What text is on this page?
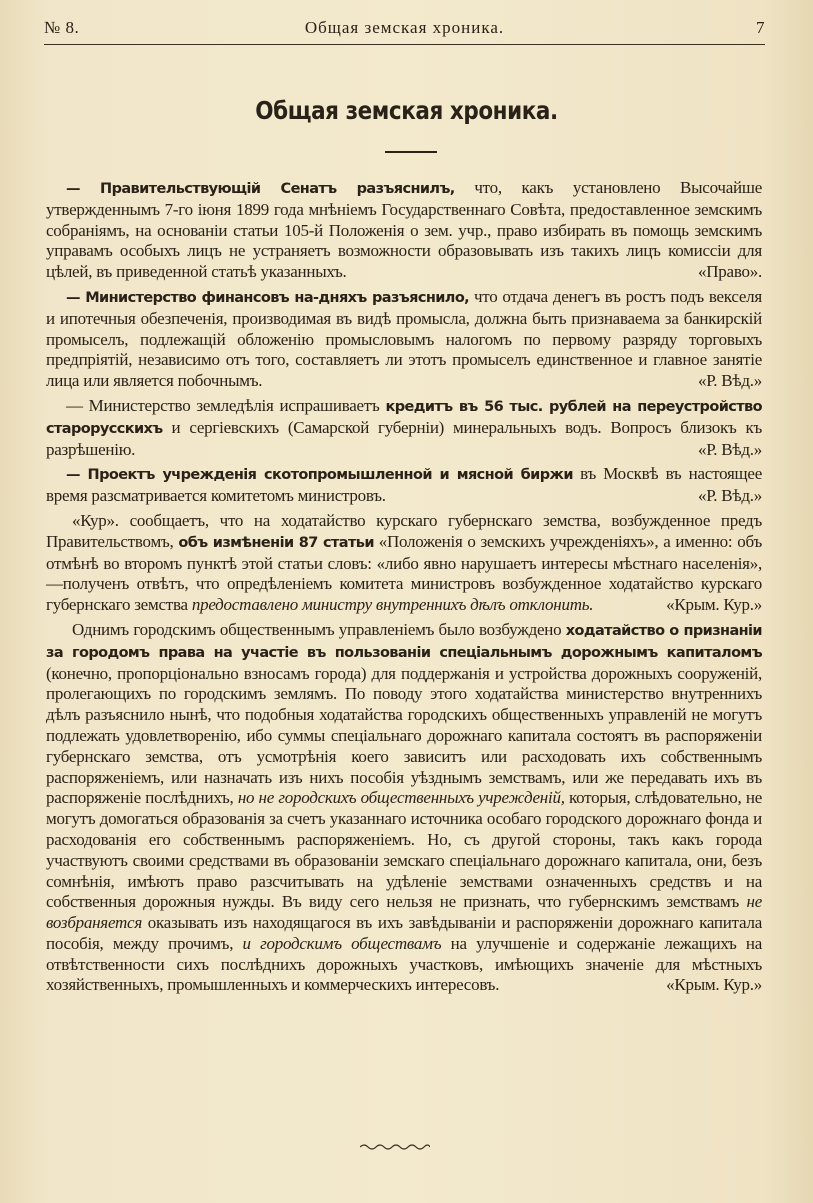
№ 8.	Общая земская хроника.	7
Общая земская хроника.

— Правительствующій Сенатъ разъяснилъ, что, какъ установлено Высочайше утвержденнымъ 7-го іюня 1899 года мнѣніемъ Государственнаго Совѣта, предоставленное земскимъ собраніямъ, на основаніи статьи 105-й Положенія о зем. учр., право избирать въ помощь земскимъ управамъ особыхъ лицъ не устраняетъ возможности образовывать изъ такихъ лицъ комиссіи для цѣлей, въ приведенной статьѣ указанныхъ.	«Право».

— Министерство финансовъ на-дняхъ разъяснило, что отдача денегъ въ ростъ подъ векселя и ипотечныя обезпеченія, производимая въ видѣ промысла, должна быть признаваема за банкирскій промыселъ, подлежащій обложенію промысловымъ налогомъ по первому разряду торговыхъ предпріятій, независимо отъ того, составляетъ ли этотъ промыселъ единственное и главное занятіе лица или является побочнымъ.	«Р. Вѣд.»

— Министерство земледѣлія испрашиваетъ кредитъ въ 56 тыс. рублей на переустройство старорусскихъ и сергіевскихъ (Самарской губерніи) минеральныхъ водъ. Вопросъ близокъ къ разрѣшенію.	«Р. Вѣд.»

— Проектъ учрежденія скотопромышленной и мясной биржи въ Москвѣ въ настоящее время разсматривается комитетомъ министровъ.	«Р. Вѣд.»

«Кур». сообщаетъ, что на ходатайство курскаго губернскаго земства, возбужденное предъ Правительствомъ, объ измѣненіи 87 статьи «Положенія о земскихъ учрежденіяхъ», а именно: объ отмѣнѣ во второмъ пунктѣ этой статьи словъ: «либо явно нарушаетъ интересы мѣстнаго населенія»,—полученъ отвѣтъ, что опредѣленіемъ комитета министровъ возбужденное ходатайство курскаго губернскаго земства предоставлено министру внутреннихъ дѣлъ отклонить.	«Крым. Кур.»

Однимъ городскимъ общественнымъ управленіемъ было возбуждено ходатайство о признаніи за городомъ права на участіе въ пользованіи спеціальнымъ дорожнымъ капиталомъ (конечно, пропорціонально взносамъ города) для поддержанія и устройства дорожныхъ сооруженій, пролегающихъ по городскимъ землямъ. По поводу этого ходатайства министерство внутреннихъ дѣлъ разъяснило нынѣ, что подобныя ходатайства городскихъ общественныхъ управленій не могутъ подлежать удовлетворенію, ибо суммы спеціальнаго дорожнаго капитала состоятъ въ распоряженіи губернскаго земства, отъ усмотрѣнія коего зависитъ или расходовать ихъ собственнымъ распоряженіемъ, или назначать изъ нихъ пособія уѣзднымъ земствамъ, или же передавать ихъ въ распоряженіе послѣднихъ, но не городскихъ общественныхъ учрежденій, которыя, слѣдовательно, не могутъ домогаться образованія за счетъ указаннаго источника особаго городского дорожнаго фонда и расходованія его собственнымъ распоряженіемъ. Но, съ другой стороны, такъ какъ города участвуютъ своими средствами въ образованіи земскаго спеціальнаго дорожнаго капитала, они, безъ сомнѣнія, имѣютъ право разсчитывать на удѣленіе земствами означенныхъ средствъ и на собственныя дорожныя нужды. Въ виду сего нельзя не признать, что губернскимъ земствамъ не возбраняется оказывать изъ находящагося въ ихъ завѣдываніи и распоряженіи дорожнаго капитала пособія, между прочимъ, и городскимъ обществамъ на улучшеніе и содержаніе лежащихъ на отвѣтственности сихъ послѣднихъ дорожныхъ участковъ, имѣющихъ значеніе для мѣстныхъ хозяйственныхъ, промышленныхъ и коммерческихъ интересовъ.	«Крым. Кур.»
